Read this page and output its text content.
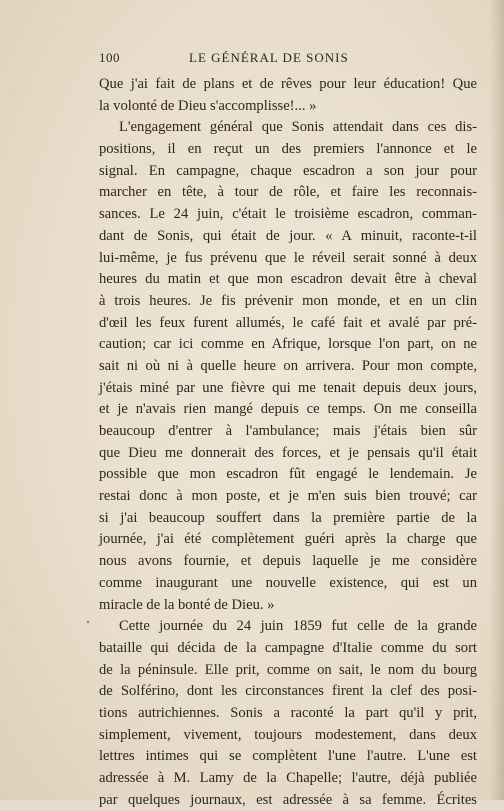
100	LE GÉNÉRAL DE SONIS
Que j'ai fait de plans et de rêves pour leur éducation! Que
la volonté de Dieu s'accomplisse!... »
L'engagement général que Sonis attendait dans ces dis-
positions, il en reçut un des premiers l'annonce et le
signal. En campagne, chaque escadron a son jour pour
marcher en tête, à tour de rôle, et faire les reconnais-
sances. Le 24 juin, c'était le troisième escadron, comman-
dant de Sonis, qui était de jour. « A minuit, raconte-t-il
lui-même, je fus prévenu que le réveil serait sonné à deux
heures du matin et que mon escadron devait être à cheval
à trois heures. Je fis prévenir mon monde, et en un clin
d'œil les feux furent allumés, le café fait et avalé par pré-
caution; car ici comme en Afrique, lorsque l'on part, on ne
sait ni où ni à quelle heure on arrivera. Pour mon compte,
j'étais miné par une fièvre qui me tenait depuis deux jours,
et je n'avais rien mangé depuis ce temps. On me conseilla
beaucoup d'entrer à l'ambulance; mais j'étais bien sûr
que Dieu me donnerait des forces, et je pensais qu'il était
possible que mon escadron fût engagé le lendemain. Je
restai donc à mon poste, et je m'en suis bien trouvé; car
si j'ai beaucoup souffert dans la première partie de la
journée, j'ai été complètement guéri après la charge que
nous avons fournie, et depuis laquelle je me considère
comme inaugurant une nouvelle existence, qui est un
miracle de la bonté de Dieu. »
Cette journée du 24 juin 1859 fut celle de la grande
bataille qui décida de la campagne d'Italie comme du sort
de la péninsule. Elle prit, comme on sait, le nom du bourg
de Solférino, dont les circonstances firent la clef des posi-
tions autrichiennes. Sonis a raconté la part qu'il y prit,
simplement, vivement, toujours modestement, dans deux
lettres intimes qui se complètent l'une l'autre. L'une est
adressée à M. Lamy de la Chapelle; l'autre, déjà publiée
par quelques journaux, est adressée à sa femme. Écrites
